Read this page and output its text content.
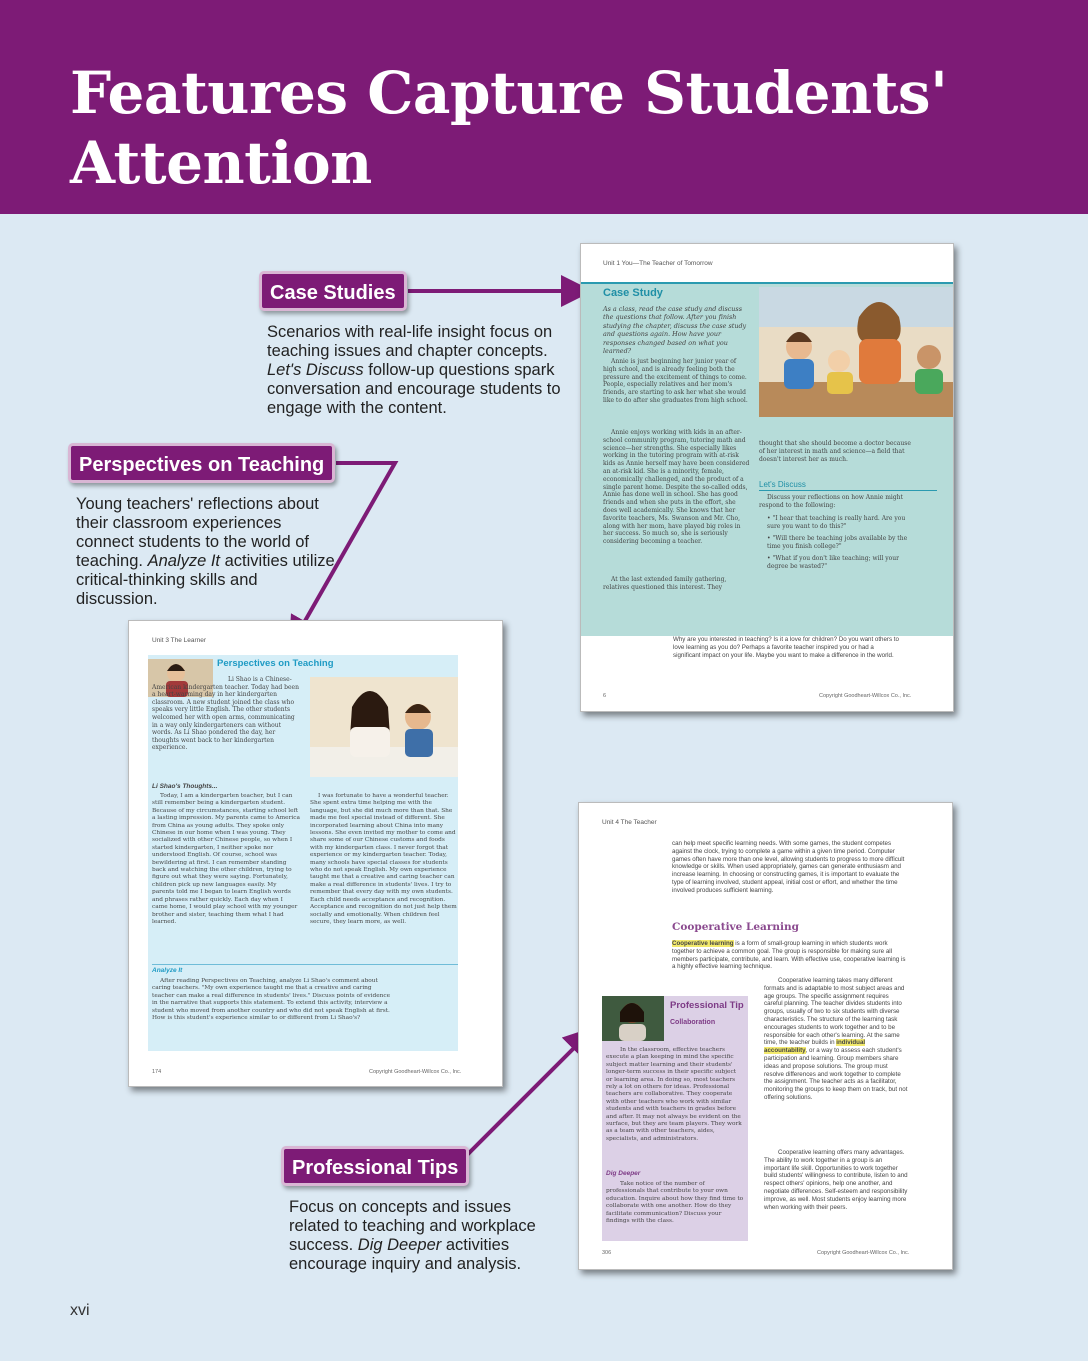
Features Capture Students' Attention
Case Studies
Scenarios with real-life insight focus on teaching issues and chapter concepts. Let's Discuss follow-up questions spark conversation and encourage students to engage with the content.
Perspectives on Teaching
Young teachers' reflections about their classroom experiences connect students to the world of teaching. Analyze It activities utilize critical-thinking skills and discussion.
Professional Tips
Focus on concepts and issues related to teaching and workplace success. Dig Deeper activities encourage inquiry and analysis.
Unit 1 You—The Teacher of Tomorrow
Case Study
As a class, read the case study and discuss the questions that follow. After you finish studying the chapter, discuss the case study and questions again. How have your responses changed based on what you learned?
Annie is just beginning her junior year of high school, and is already feeling both the pressure and the excitement of things to come. People, especially relatives and her mom's friends, are starting to ask her what she would like to do after she graduates from high school.
Annie enjoys working with kids in an after-school community program, tutoring math and science—her strengths. She especially likes working in the tutoring program with at-risk kids as Annie herself may have been considered an at-risk kid. She is a minority, female, economically challenged, and the product of a single parent home. Despite the so-called odds, Annie has done well in school. She has good friends and when she puts in the effort, she does well academically. She knows that her favorite teachers, Ms. Swanson and Mr. Cho, along with her mom, have played big roles in her success. So much so, she is seriously considering becoming a teacher.
At the last extended family gathering, relatives questioned this interest. They
thought that she should become a doctor because of her interest in math and science—a field that doesn't interest her as much.
Let's Discuss
Discuss your reflections on how Annie might respond to the following:
• "I hear that teaching is really hard. Are you sure you want to do this?"
• "Will there be teaching jobs available by the time you finish college?"
• "What if you don't like teaching; will your degree be wasted?"
Why are you interested in teaching? Is it a love for children? Do you want others to love learning as you do? Perhaps a favorite teacher inspired you or had a significant impact on your life. Maybe you want to make a difference in the world.
6	Copyright Goodheart-Willcox Co., Inc.
Unit 3 The Learner
Perspectives on Teaching
Li Shao is a Chinese-American kindergarten teacher. Today had been a heart-warming day in her kindergarten classroom. A new student joined the class who speaks very little English. The other students welcomed her with open arms, communicating in a way only kindergarteners can without words. As Li Shao pondered the day, her thoughts went back to her kindergarten experience.
Li Shao's Thoughts...
Today, I am a kindergarten teacher, but I can still remember being a kindergarten student. Because of my circumstances, starting school left a lasting impression. My parents came to America from China as young adults. They spoke only Chinese in our home when I was young. They socialized with other Chinese people, so when I started kindergarten, I neither spoke nor understood English. Of course, school was bewildering at first. I can remember standing back and watching the other children, trying to figure out what they were saying. Fortunately, children pick up new languages easily. My parents told me I began to learn English words and phrases rather quickly. Each day when I came home, I would play school with my younger brother and sister, teaching them what I had learned.
I was fortunate to have a wonderful teacher. She spent extra time helping me with the language, but she did much more than that. She made me feel special instead of different. She incorporated learning about China into many lessons. She even invited my mother to come and share some of our Chinese customs and foods with my kindergarten class. I never forgot that experience or my kindergarten teacher. Today, many schools have special classes for students who do not speak English. My own experience taught me that a creative and caring teacher can make a real difference in students' lives. I try to remember that every day with my own students. Each child needs acceptance and recognition. Acceptance and recognition do not just help them socially and emotionally. When children feel secure, they learn more, as well.
Analyze It
After reading Perspectives on Teaching, analyze Li Shao's comment about caring teachers. "My own experience taught me that a creative and caring teacher can make a real difference in students' lives." Discuss points of evidence in the narrative that supports this statement. To extend this activity, interview a student who moved from another country and who did not speak English at first. How is this student's experience similar to or different from Li Shao's?
174	Copyright Goodheart-Willcox Co., Inc.
Unit 4 The Teacher
can help meet specific learning needs. With some games, the student competes against the clock, trying to complete a game within a given time period. Computer games often have more than one level, allowing students to progress to more difficult knowledge or skills. When used appropriately, games can generate enthusiasm and increase learning. In choosing or constructing games, it is important to evaluate the type of learning involved, student appeal, initial cost or effort, and whether the time involved produces sufficient learning.
Cooperative Learning
Cooperative learning is a form of small-group learning in which students work together to achieve a common goal. The group is responsible for making sure all members participate, contribute, and learn. With effective use, cooperative learning is a highly effective learning technique.
Professional Tip
Collaboration
In the classroom, effective teachers execute a plan keeping in mind the specific subject matter learning and their students' longer-term success in their specific subject or learning area. In doing so, most teachers rely a lot on others for ideas. Professional teachers are collaborative. They cooperate with other teachers who work with similar students and with teachers in grades before and after. It may not always be evident on the surface, but they are team players. They work as a team with other teachers, aides, specialists, and administrators.
Dig Deeper
Take notice of the number of professionals that contribute to your own education. Inquire about how they find time to collaborate with one another. How do they facilitate communication? Discuss your findings with the class.
Cooperative learning takes many different formats and is adaptable to most subject areas and age groups. The specific assignment requires careful planning. The teacher divides students into groups, usually of two to six students with diverse characteristics. The structure of the learning task encourages students to work together and to be responsible for each other's learning. At the same time, the teacher builds in individual accountability, or a way to assess each student's participation and learning. Group members share ideas and propose solutions. The group must resolve differences and work together to complete the assignment. The teacher acts as a facilitator, monitoring the groups to keep them on track, but not offering solutions.
Cooperative learning offers many advantages. The ability to work together in a group is an important life skill. Opportunities to work together build students' willingness to contribute, listen to and respect others' opinions, help one another, and negotiate differences. Self-esteem and responsibility improve, as well. Most students enjoy learning more when working with their peers.
306	Copyright Goodheart-Willcox Co., Inc.
xvi
